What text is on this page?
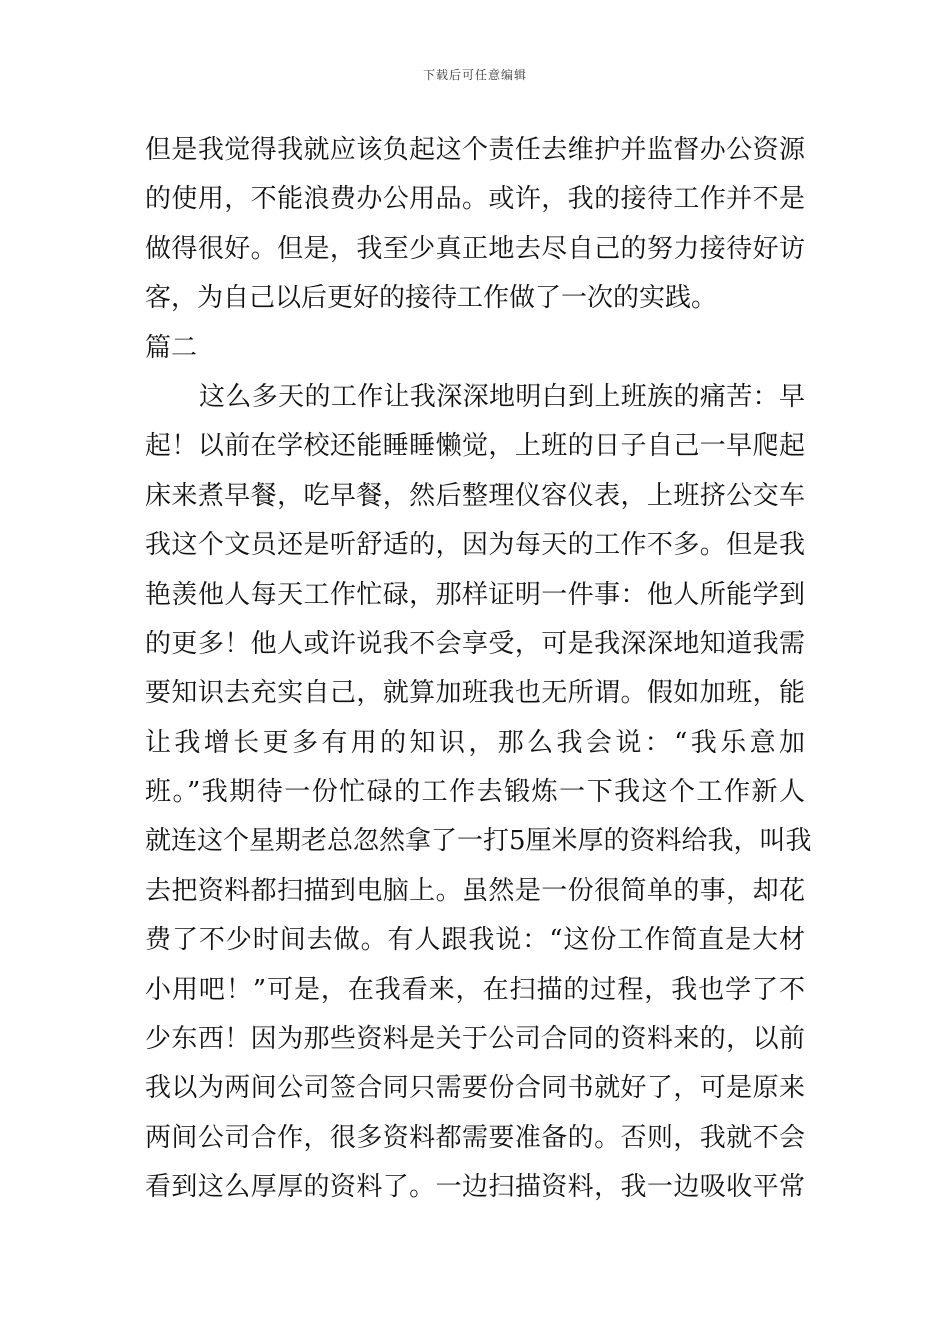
下载后可任意编辑
但是我觉得我就应该负起这个责任去维护并监督办公资源
的使用，不能浪费办公用品。或许，我的接待工作并不是
做得很好。但是，我至少真正地去尽自己的努力接待好访
客，为自己以后更好的接待工作做了一次的实践。
篇二
这么多天的工作让我深深地明白到上班族的痛苦：早
起！以前在学校还能睡睡懒觉，上班的日子自己一早爬起
床来煮早餐，吃早餐，然后整理仪容仪表，上班挤公交车
我这个文员还是听舒适的，因为每天的工作不多。但是我
艳羡他人每天工作忙碌，那样证明一件事：他人所能学到
的更多！他人或许说我不会享受，可是我深深地知道我需
要知识去充实自己，就算加班我也无所谓。假如加班，能
让我增长更多有用的知识，那么我会说：“我乐意加
班。”我期待一份忙碌的工作去锻炼一下我这个工作新人
就连这个星期老总忽然拿了一打5厘米厚的资料给我，叫我
去把资料都扫描到电脑上。虽然是一份很简单的事，却花
费了不少时间去做。有人跟我说：“这份工作简直是大材
小用吧！”可是，在我看来，在扫描的过程，我也学了不
少东西！因为那些资料是关于公司合同的资料来的，以前
我以为两间公司签合同只需要份合同书就好了，可是原来
两间公司合作，很多资料都需要准备的。否则，我就不会
看到这么厚厚的资料了。一边扫描资料，我一边吸收平常
